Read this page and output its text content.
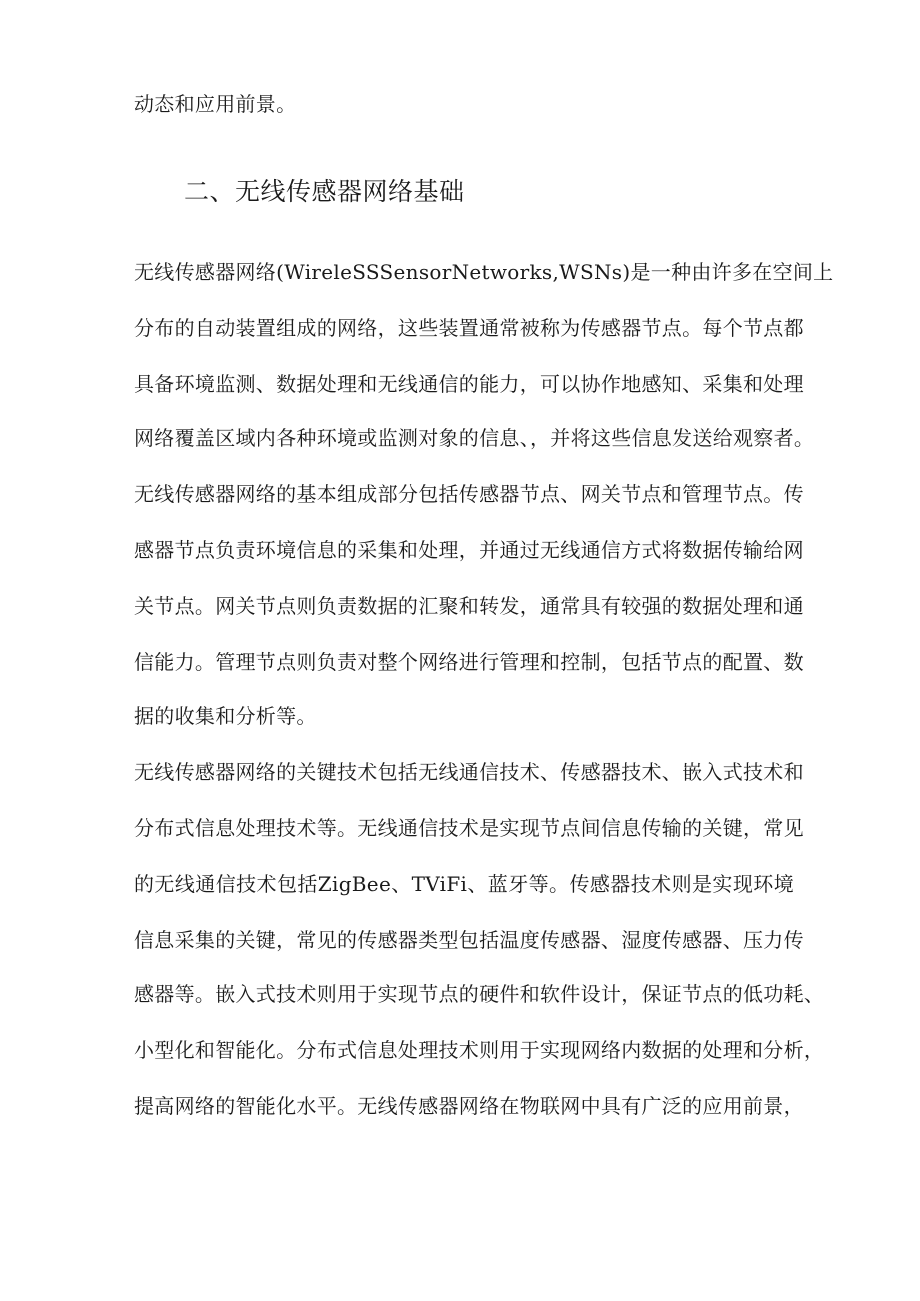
动态和应用前景。
二、无线传感器网络基础
无线传感器网络(WireleSSSensorNetworks,WSNs)是一种由许多在空间上
分布的自动装置组成的网络，这些装置通常被称为传感器节点。每个节点都
具备环境监测、数据处理和无线通信的能力，可以协作地感知、采集和处理
网络覆盖区域内各种环境或监测对象的信息、，并将这些信息发送给观察者。
无线传感器网络的基本组成部分包括传感器节点、网关节点和管理节点。传
感器节点负责环境信息的采集和处理，并通过无线通信方式将数据传输给网
关节点。网关节点则负责数据的汇聚和转发，通常具有较强的数据处理和通
信能力。管理节点则负责对整个网络进行管理和控制，包括节点的配置、数
据的收集和分析等。
无线传感器网络的关键技术包括无线通信技术、传感器技术、嵌入式技术和
分布式信息处理技术等。无线通信技术是实现节点间信息传输的关键，常见
的无线通信技术包括ZigBee、TViFi、蓝牙等。传感器技术则是实现环境
信息采集的关键，常见的传感器类型包括温度传感器、湿度传感器、压力传
感器等。嵌入式技术则用于实现节点的硬件和软件设计，保证节点的低功耗、
小型化和智能化。分布式信息处理技术则用于实现网络内数据的处理和分析，
提高网络的智能化水平。无线传感器网络在物联网中具有广泛的应用前景，
